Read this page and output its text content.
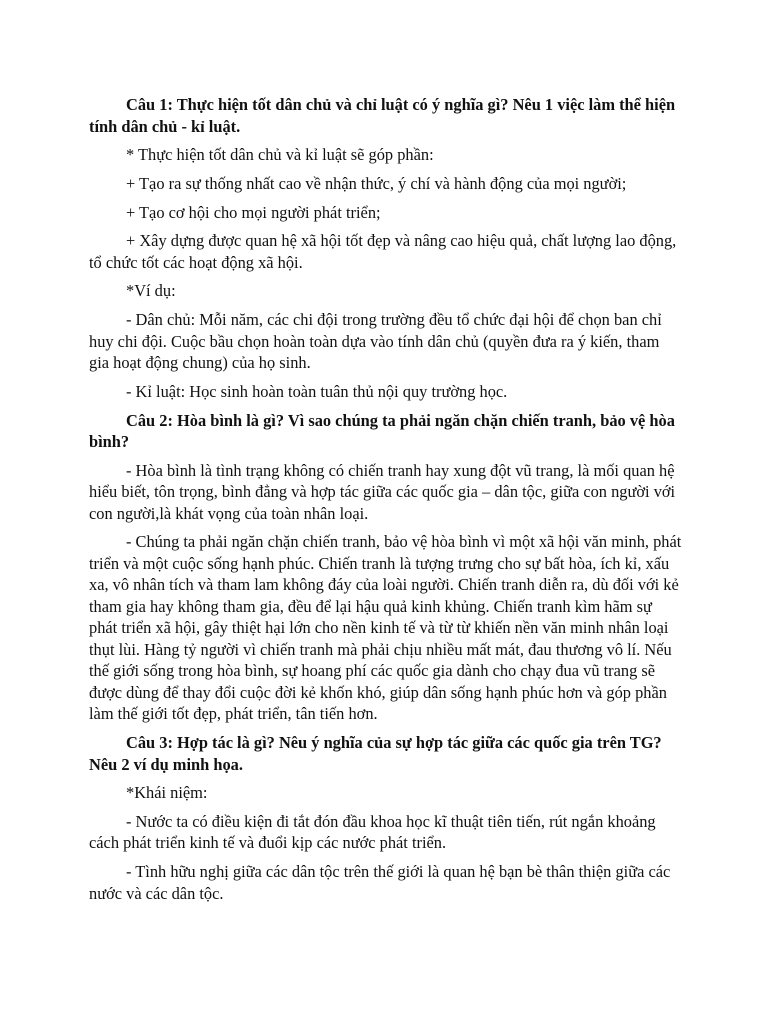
Câu 1: Thực hiện tốt dân chủ và chỉ luật có ý nghĩa gì? Nêu 1 việc làm thể hiện tính dân chủ - kỉ luật.

* Thực hiện tốt dân chủ và kỉ luật sẽ góp phần:

+ Tạo ra sự thống nhất cao về nhận thức, ý chí và hành động của mọi người;

+ Tạo cơ hội cho mọi người phát triển;

+ Xây dựng được quan hệ xã hội tốt đẹp và nâng cao hiệu quả, chất lượng lao động, tổ chức tốt các hoạt động xã hội.

*Ví dụ:

- Dân chủ: Mỗi năm, các chi đội trong trường đều tổ chức đại hội để chọn ban chỉ huy chi đội. Cuộc bầu chọn hoàn toàn dựa vào tính dân chủ (quyền đưa ra ý kiến, tham gia hoạt động chung) của họ sinh.

- Kỉ luật: Học sinh hoàn toàn tuân thủ nội quy trường học.

Câu 2: Hòa bình là gì? Vì sao chúng ta phải ngăn chặn chiến tranh, bảo vệ hòa bình?

- Hòa bình là tình trạng không có chiến tranh hay xung đột vũ trang, là mối quan hệ hiểu biết, tôn trọng, bình đẳng và hợp tác giữa các quốc gia – dân tộc, giữa con người với con người,là khát vọng của toàn nhân loại.

- Chúng ta phải ngăn chặn chiến tranh, bảo vệ hòa bình vì một xã hội văn minh, phát triển và một cuộc sống hạnh phúc. Chiến tranh là tượng trưng cho sự bất hòa, ích kỉ, xấu xa, vô nhân tích và tham lam không đáy của loài người. Chiến tranh diễn ra, dù đối với kẻ tham gia hay không tham gia, đều để lại hậu quả kinh khủng. Chiến tranh kìm hãm sự phát triển xã hội, gây thiệt hại lớn cho nền kinh tế và từ từ khiến nền văn minh nhân loại thụt lùi. Hàng tỷ người vì chiến tranh mà phải chịu nhiều mất mát, đau thương vô lí. Nếu thế giới sống trong hòa bình, sự hoang phí các quốc gia dành cho chạy đua vũ trang sẽ được dùng để thay đổi cuộc đời kẻ khốn khó, giúp dân sống hạnh phúc hơn và góp phần làm thế giới tốt đẹp, phát triển, tân tiến hơn.

Câu 3: Hợp tác là gì? Nêu ý nghĩa của sự hợp tác giữa các quốc gia trên TG? Nêu 2 ví dụ minh họa.

*Khái niệm:

- Nước ta có điều kiện đi tắt đón đầu khoa học kĩ thuật tiên tiến, rút ngắn khoảng cách phát triển kinh tế và đuổi kịp các nước phát triển.

- Tình hữu nghị giữa các dân tộc trên thế giới là quan hệ bạn bè thân thiện giữa các nước và các dân tộc.
